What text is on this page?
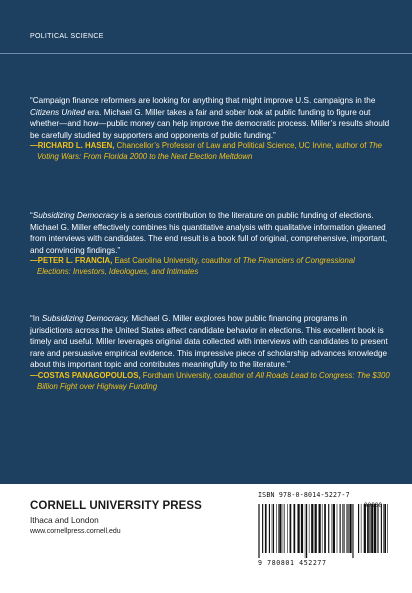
POLITICAL SCIENCE

“Campaign finance reformers are looking for anything that might improve U.S. campaigns in the Citizens United era. Michael G. Miller takes a fair and sober look at public funding to figure out whether—and how—public money can help improve the democratic process. Miller’s results should be carefully studied by supporters and opponents of public funding.”

—RICHARD L. HASEN, Chancellor’s Professor of Law and Political Science, UC Irvine, author of The Voting Wars: From Florida 2000 to the Next Election Meltdown

“Subsidizing Democracy is a serious contribution to the literature on public funding of elections. Michael G. Miller effectively combines his quantitative analysis with qualitative information gleaned from interviews with candidates. The end result is a book full of original, comprehensive, important, and convincing findings.”

—PETER L. FRANCIA, East Carolina University, coauthor of The Financiers of Congressional Elections: Investors, Ideologues, and Intimates

“In Subsidizing Democracy, Michael G. Miller explores how public financing programs in jurisdictions across the United States affect candidate behavior in elections. This excellent book is timely and useful. Miller leverages original data collected with interviews with candidates to present rare and persuasive empirical evidence. This impressive piece of scholarship advances knowledge about this important topic and contributes meaningfully to the literature.”

—COSTAS PANAGOPOULOS, Fordham University, coauthor of All Roads Lead to Congress: The $300 Billion Fight over Highway Funding

CORNELL UNIVERSITY PRESS
Ithaca and London
www.cornellpress.cornell.edu
ISBN 978-0-8014-5227-7
9 780801 452277
